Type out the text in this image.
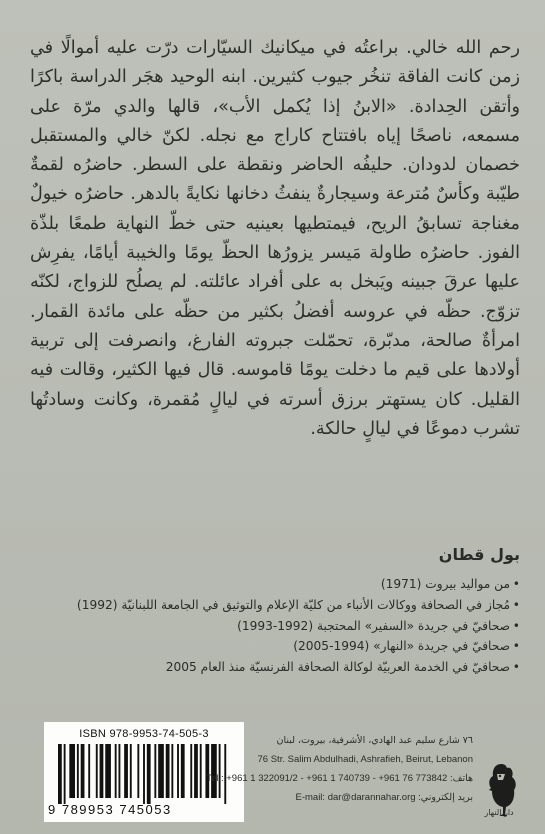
رحم الله خالي. براعتُه في ميكانيك السيّارات درّت عليه أموالًا في زمن كانت الفاقة تنخُر جيوب كثيرين. ابنه الوحيد هجَر الدراسة باكرًا وأتقن الحِدادة. «الابنُ إذا يُكمل الأب»، قالها والدي مرّة على مسمعه، ناصحًا إياه بافتتاح كاراج مع نجله. لكنّ خالي والمستقبل خصمان لدودان. حليفُه الحاضر ونقطة على السطر. حاضرُه لقمةٌ طيّبة وكأسٌ مُترعة وسيجارةٌ ينفثُ دخانها نكايةً بالدهر. حاضرُه خيولٌ مغناجة تسابقُ الريح، فيمتطيها بعينيه حتى خطّ النهاية طمعًا بلذّة الفوز. حاضرُه طاولة مَيسر يزورُها الحظّ يومًا والخيبة أيامًا، يفرِش عليها عرقَ جبينه ويَبخل به على أفراد عائلته. لم يصلُح للزواج، لكنّه تزوّج. حظّه في عروسه أفضلُ بكثير من حظّه على مائدة القمار. امرأةٌ صالحة، مدبّرة، تحمّلت جبروته الفارغ، وانصرفت إلى تربية أولادها على قيم ما دخلت يومًا قاموسه. قال فيها الكثير، وقالت فيه القليل. كان يستهتر برزق أسرته في ليالٍ مُقمرة، وكانت وسادتُها تشرب دموعًا في ليالٍ حالكة.

بول قطان
•
من مواليد بيروت (1971)
•
مُجاز في الصحافة ووكالات الأنباء من كليّة الإعلام والتوثيق في الجامعة اللبنانيّة (1992)
•
صحافيّ في جريدة «السفير» المحتجبة (1992-1993)
•
صحافيّ في جريدة «النهار» (1994-2005)
•
صحافيّ في الخدمة العربيّة لوكالة الصحافة الفرنسيّة منذ العام 2005
ISBN 978-9953-74-505-3
9 789953 745053
٧٦ شارع سليم عبد الهادي، الأشرفية، بيروت، لبنان
76 Str. Salim Abdulhadi, Ashrafieh, Beirut, Lebanon
Tel.: +961 1 322091/2 - +961 1 740739 - +961 76 773842 :هاتف
E-mail: dar@darannahar.org :بريد إلكتروني
دار النهار
